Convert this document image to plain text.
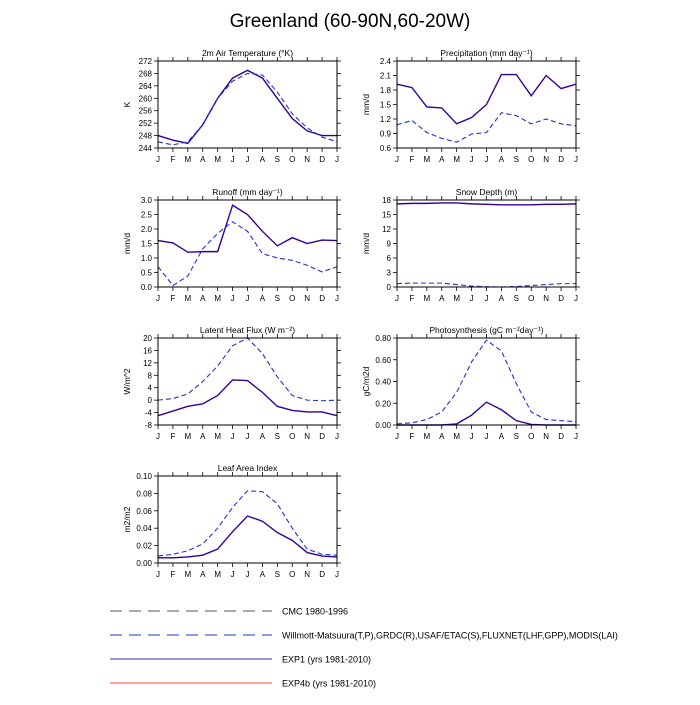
Greenland (60-90N,60-20W)
2m Air Temperature (°K)
K
244
248
252
256
260
264
268
272
J F M A M J J A S O N D J
Precipitation (mm day⁻¹)
mm/d
0.6
0.9
1.2
1.5
1.8
2.1
2.4
J F M A M J J A S O N D J
Runoff (mm day⁻¹)
mm/d
0.0
0.5
1.0
1.5
2.0
2.5
3.0
J F M A M J J A S O N D J
Snow Depth (m)
mm/d
0
3
6
9
12
15
18
J F M A M J J A S O N D J
Latent Heat Flux (W m⁻²)
W/m^2
-8
-4
0
4
8
12
16
20
J F M A M J J A S O N D J
Photosynthesis (gC m⁻²day⁻¹)
gC/m2d
0.00
0.20
0.40
0.60
0.80
J F M A M J J A S O N D J
Leaf Area Index
m2/m2
0.00
0.02
0.04
0.06
0.08
0.10
J F M A M J J A S O N D J
CMC 1980-1996
Willmott-Matsuura(T,P),GRDC(R),USAF/ETAC(S),FLUXNET(LHF,GPP),MODIS(LAI)
EXP1 (yrs 1981-2010)
EXP4b (yrs 1981-2010)
